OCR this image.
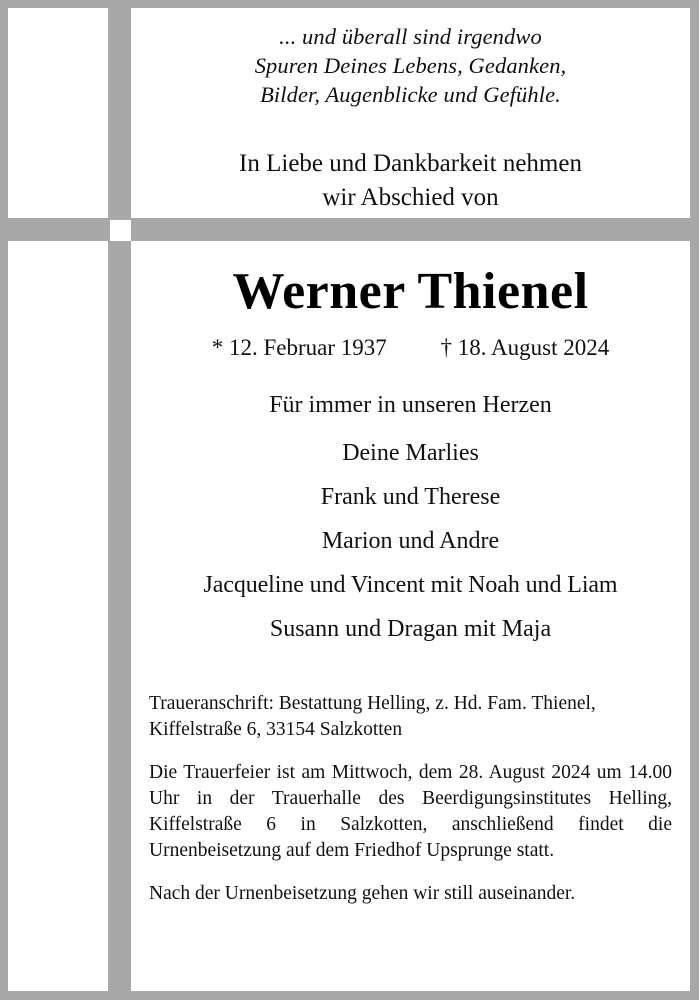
... und überall sind irgendwo
Spuren Deines Lebens, Gedanken,
Bilder, Augenblicke und Gefühle.

In Liebe und Dankbarkeit nehmen
wir Abschied von

Werner Thienel

* 12. Februar 1937 † 18. August 2024

Für immer in unseren Herzen

Deine Marlies
Frank und Therese
Marion und Andre
Jacqueline und Vincent mit Noah und Liam
Susann und Dragan mit Maja

Traueranschrift: Bestattung Helling, z. Hd. Fam. Thienel, Kiffelstraße 6, 33154 Salzkotten

Die Trauerfeier ist am Mittwoch, dem 28. August 2024 um 14.00 Uhr in der Trauerhalle des Beerdigungsinstitutes Helling, Kiffelstraße 6 in Salzkotten, anschließend findet die Urnenbeisetzung auf dem Friedhof Upsprunge statt.

Nach der Urnenbeisetzung gehen wir still auseinander.
